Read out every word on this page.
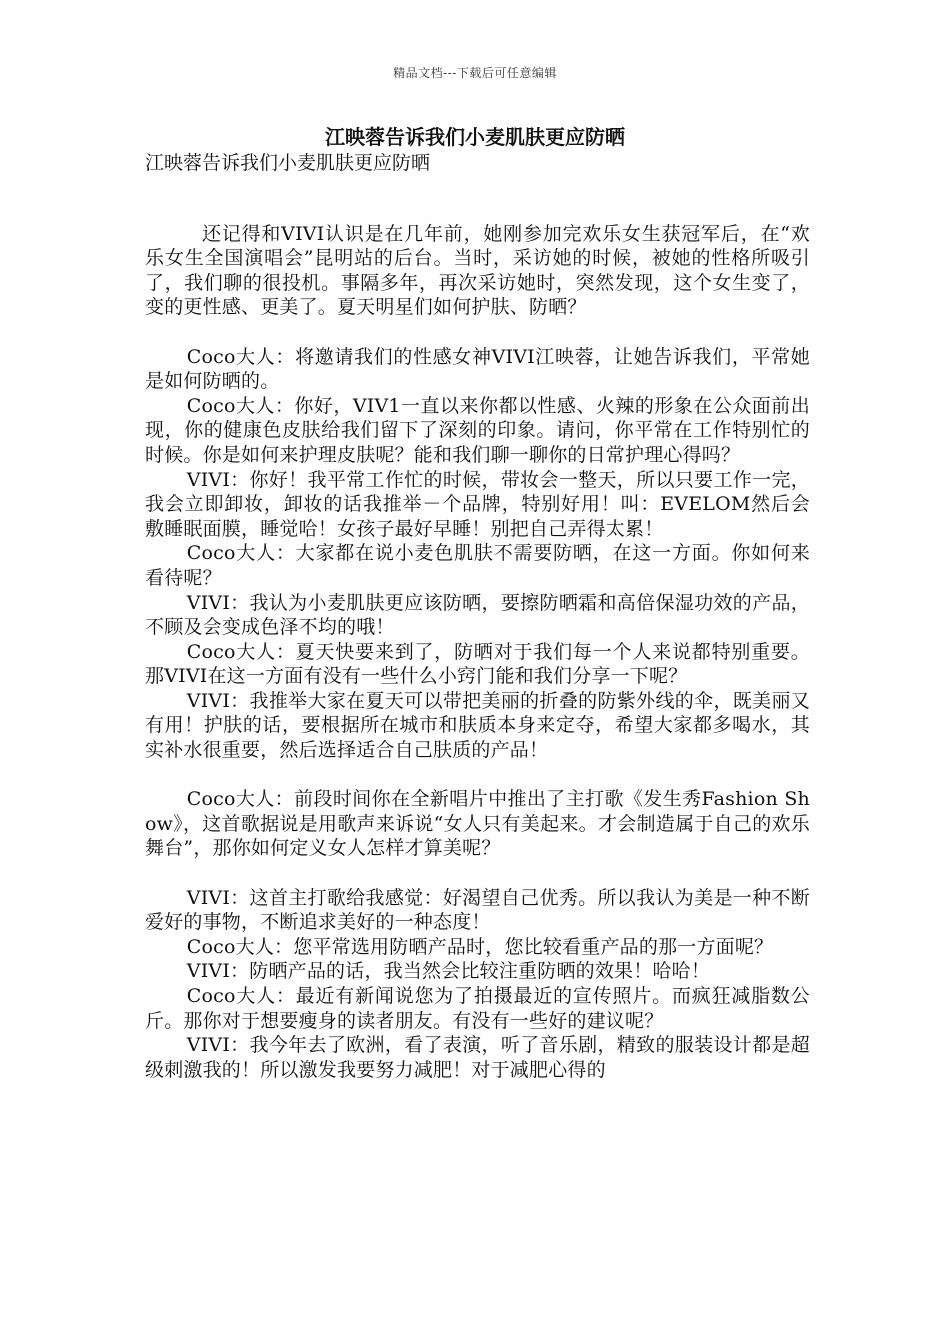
精品文档---下载后可任意编辑
江映蓉告诉我们小麦肌肤更应防晒
江映蓉告诉我们小麦肌肤更应防晒

还记得和VIVI认识是在几年前，她刚参加完欢乐女生获冠军后，在“欢乐女生全国演唱会”昆明站的后台。当时，采访她的时候，被她的性格所吸引了，我们聊的很投机。事隔多年，再次采访她时，突然发现，这个女生变了，变的更性感、更美了。夏天明星们如何护肤、防晒？

Coco大人：将邀请我们的性感女神VIVI江映蓉，让她告诉我们，平常她是如何防晒的。

Coco大人：你好，VIV1一直以来你都以性感、火辣的形象在公众面前出现，你的健康色皮肤给我们留下了深刻的印象。请问，你平常在工作特别忙的时候。你是如何来护理皮肤呢？能和我们聊一聊你的日常护理心得吗？

VIVI：你好！我平常工作忙的时候，带妆会一整天，所以只要工作一完，我会立即卸妆，卸妆的话我推举－个品牌，特别好用！叫：EVELOM然后会敷睡眠面膜，睡觉哈！女孩子最好早睡！别把自己弄得太累！

Coco大人：大家都在说小麦色肌肤不需要防晒，在这一方面。你如何来看待呢？

VIVI：我认为小麦肌肤更应该防晒，要擦防晒霜和高倍保湿功效的产品，不顾及会变成色泽不均的哦！

Coco大人：夏天快要来到了，防晒对于我们每一个人来说都特别重要。那VIVI在这一方面有没有一些什么小窍门能和我们分享一下呢？

VIVI：我推举大家在夏天可以带把美丽的折叠的防紫外线的伞，既美丽又有用！护肤的话，要根据所在城市和肤质本身来定夺，希望大家都多喝水，其实补水很重要，然后选择适合自己肤质的产品！

Coco大人：前段时间你在全新唱片中推出了主打歌《发生秀Fashion Show》，这首歌据说是用歌声来诉说“女人只有美起来。才会制造属于自己的欢乐舞台”，那你如何定义女人怎样才算美呢？

VIVI：这首主打歌给我感觉：好渴望自己优秀。所以我认为美是一种不断爱好的事物，不断追求美好的一种态度！

Coco大人：您平常选用防晒产品时，您比较看重产品的那一方面呢？

VIVI：防晒产品的话，我当然会比较注重防晒的效果！哈哈！

Coco大人：最近有新闻说您为了拍摄最近的宣传照片。而疯狂减脂数公斤。那你对于想要瘦身的读者朋友。有没有一些好的建议呢？

VIVI：我今年去了欧洲，看了表演，听了音乐剧，精致的服装设计都是超级刺激我的！所以激发我要努力减肥！对于减肥心得的
